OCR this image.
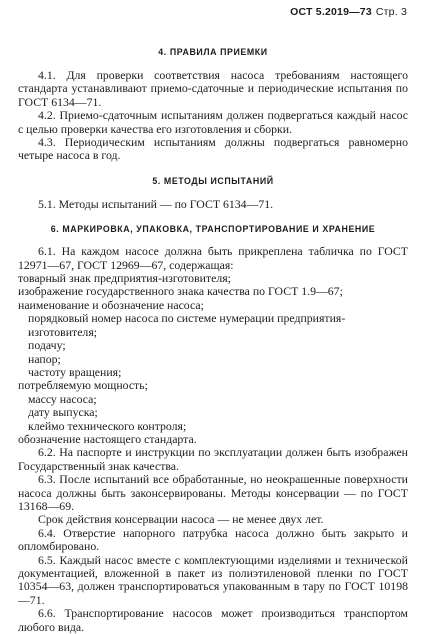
ОСТ 5.2019—73 Стр. 3
4. ПРАВИЛА ПРИЕМКИ

4.1. Для проверки соответствия насоса требованиям настоящего стандарта устанавливают приемо-сдаточные и периодические испытания по ГОСТ 6134—71.

4.2. Приемо-сдаточным испытаниям должен подвергаться каждый насос с целью проверки качества его изготовления и сборки.

4.3. Периодическим испытаниям должны подвергаться равномерно четыре насоса в год.

5. МЕТОДЫ ИСПЫТАНИЙ

5.1. Методы испытаний — по ГОСТ 6134—71.

6. МАРКИРОВКА, УПАКОВКА, ТРАНСПОРТИРОВАНИЕ И ХРАНЕНИЕ

6.1. На каждом насосе должна быть прикреплена табличка по ГОСТ 12971—67, ГОСТ 12969—67, содержащая:

товарный знак предприятия-изготовителя;

изображение государственного знака качества по ГОСТ 1.9—67;

наименование и обозначение насоса;

порядковый номер насоса по системе нумерации предприятия-изготовителя;

подачу;

напор;

частоту вращения;

потребляемую мощность;

массу насоса;

дату выпуска;

клеймо технического контроля;

обозначение настоящего стандарта.

6.2. На паспорте и инструкции по эксплуатации должен быть изображен Государственный знак качества.

6.3. После испытаний все обработанные, но неокрашенные поверхности насоса должны быть законсервированы. Методы консервации — по ГОСТ 13168—69.

Срок действия консервации насоса — не менее двух лет.

6.4. Отверстие напорного патрубка насоса должно быть закрыто и опломбировано.

6.5. Каждый насос вместе с комплектующими изделиями и технической документацией, вложенной в пакет из полиэтиленовой пленки по ГОСТ 10354—63, должен транспортироваться упакованным в тару по ГОСТ 10198—71.

6.6. Транспортирование насосов может производиться транспортом любого вида.
